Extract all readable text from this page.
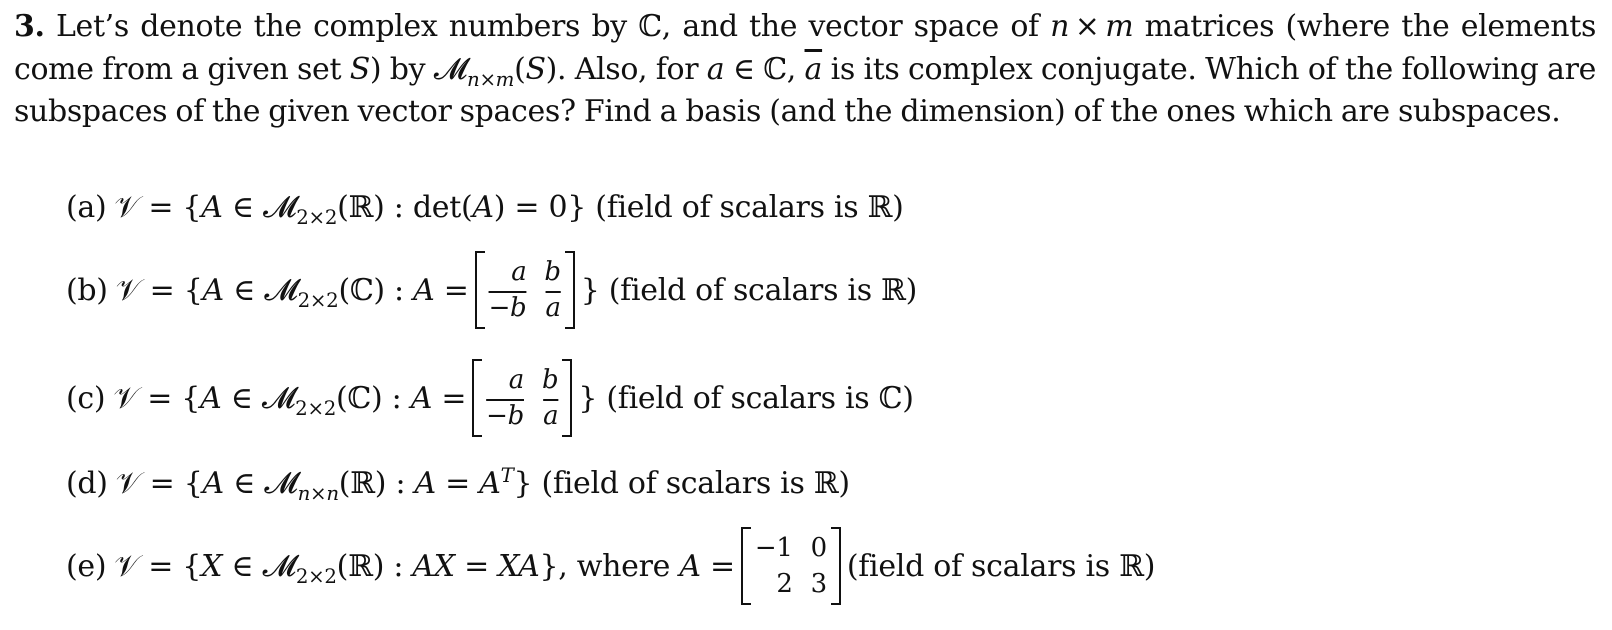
3. Let’s denote the complex numbers by ℂ, and the vector space of n × m matrices (where the elements come from a given set S) by 𝓜$_{n\times m}$(S). Also, for a ∈ ℂ, $\overline{a}$ is its complex conjugate. Which of the following are subspaces of the given vector spaces? Find a basis (and the dimension) of the ones which are subspaces.
(a) 𝒱 = {A ∈ 𝓜$_{2\times 2}$(ℝ) : det(A) = 0}
(field of scalars is ℝ)
(b) 𝒱 = {A ∈ 𝓜$_{2\times 2}$(ℂ) : A =
a b
−b $\overline{a}$
} (field of scalars is ℝ)
(c) 𝒱 = {A ∈ 𝓜$_{2\times 2}$(ℂ) : A =
a b
−b $\overline{a}$
} (field of scalars is ℂ)
(d) 𝒱 = {A ∈ 𝓜$_{n\times n}$(ℝ) : $A = A^T$}
(field of scalars is ℝ)
(e) 𝒱 = {X ∈ 𝓜$_{2\times 2}$(ℝ) : AX = XA}, where A =
−1 0
2 3
(field of scalars is ℝ)
